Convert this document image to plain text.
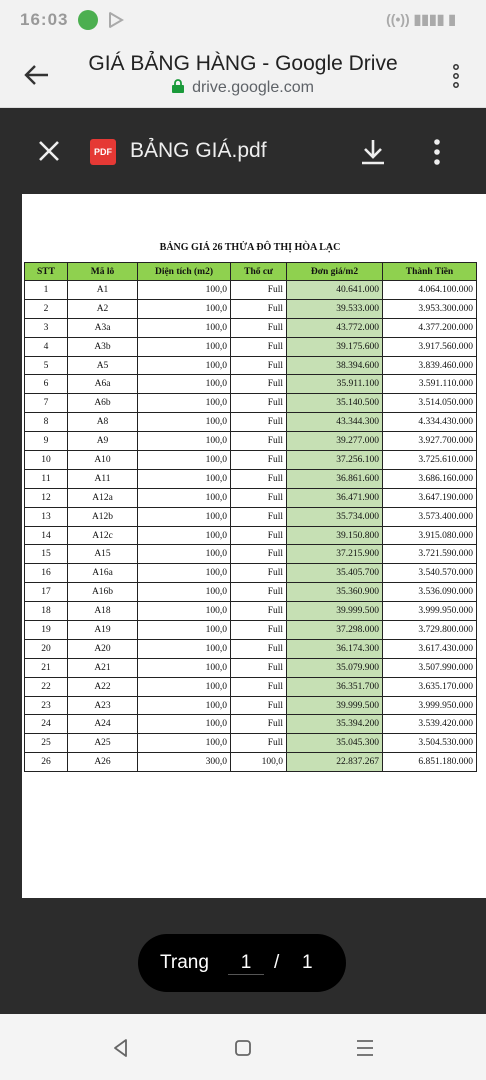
16:03	((•)) ▮▮▮▮ ▮
GIÁ BẢNG HÀNG - Google Drive
drive.google.com
PDF BẢNG GIÁ.pdf
BẢNG GIÁ 26 THỬA ĐÔ THỊ HÒA LẠC
STT	Mã lô	Diện tích (m2)	Thổ cư	Đơn giá/m2	Thành Tiền
1	A1	100,0	Full	40.641.000	4.064.100.000
2	A2	100,0	Full	39.533.000	3.953.300.000
3	A3a	100,0	Full	43.772.000	4.377.200.000
4	A3b	100,0	Full	39.175.600	3.917.560.000
5	A5	100,0	Full	38.394.600	3.839.460.000
6	A6a	100,0	Full	35.911.100	3.591.110.000
7	A6b	100,0	Full	35.140.500	3.514.050.000
8	A8	100,0	Full	43.344.300	4.334.430.000
9	A9	100,0	Full	39.277.000	3.927.700.000
10	A10	100,0	Full	37.256.100	3.725.610.000
11	A11	100,0	Full	36.861.600	3.686.160.000
12	A12a	100,0	Full	36.471.900	3.647.190.000
13	A12b	100,0	Full	35.734.000	3.573.400.000
14	A12c	100,0	Full	39.150.800	3.915.080.000
15	A15	100,0	Full	37.215.900	3.721.590.000
16	A16a	100,0	Full	35.405.700	3.540.570.000
17	A16b	100,0	Full	35.360.900	3.536.090.000
18	A18	100,0	Full	39.999.500	3.999.950.000
19	A19	100,0	Full	37.298.000	3.729.800.000
20	A20	100,0	Full	36.174.300	3.617.430.000
21	A21	100,0	Full	35.079.900	3.507.990.000
22	A22	100,0	Full	36.351.700	3.635.170.000
23	A23	100,0	Full	39.999.500	3.999.950.000
24	A24	100,0	Full	35.394.200	3.539.420.000
25	A25	100,0	Full	35.045.300	3.504.530.000
26	A26	300,0	100,0	22.837.267	6.851.180.000
Trang	1	/ 1
